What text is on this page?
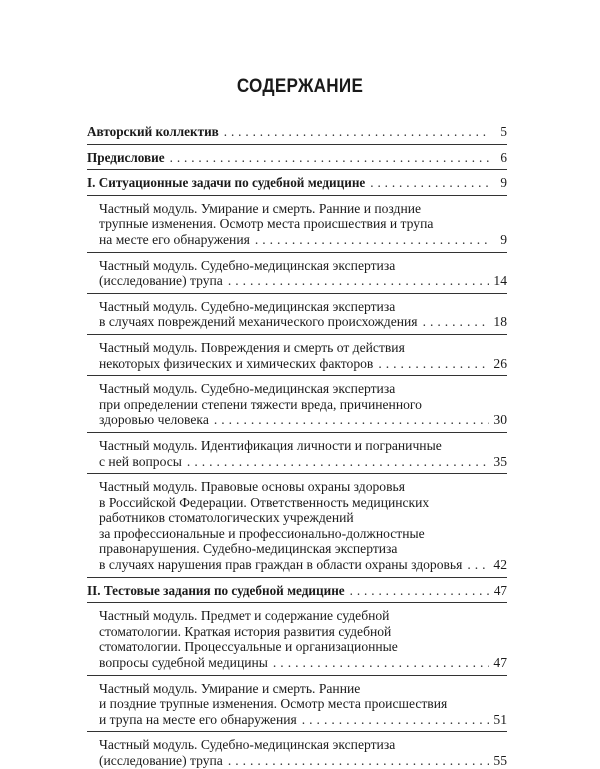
СОДЕРЖАНИЕ
Авторский коллектив . . .	5
Предисловие . . .	6
I. Ситуационные задачи по судебной медицине . . .	9
Частный модуль. Умирание и смерть. Ранние и поздние
трупные изменения. Осмотр места происшествия и трупа
на месте его обнаружения . . .	9
Частный модуль. Судебно-медицинская экспертиза
(исследование) трупа . . .	14
Частный модуль. Судебно-медицинская экспертиза
в случаях повреждений механического происхождения . . .	18
Частный модуль. Повреждения и смерть от действия
некоторых физических и химических факторов . . .	26
Частный модуль. Судебно-медицинская экспертиза
при определении степени тяжести вреда, причиненного
здоровью человека . . .	30
Частный модуль. Идентификация личности и пограничные
с ней вопросы . . .	35
Частный модуль. Правовые основы охраны здоровья
в Российской Федерации. Ответственность медицинских
работников стоматологических учреждений
за профессиональные и профессионально-должностные
правонарушения. Судебно-медицинская экспертиза
в случаях нарушения прав граждан в области охраны здоровья . . . 42
II. Тестовые задания по судебной медицине . . .	47
Частный модуль. Предмет и содержание судебной
стоматологии. Краткая история развития судебной
стоматологии. Процессуальные и организационные
вопросы судебной медицины . . .	47
Частный модуль. Умирание и смерть. Ранние
и поздние трупные изменения. Осмотр места происшествия
и трупа на месте его обнаружения . . .	51
Частный модуль. Судебно-медицинская экспертиза
(исследование) трупа . . .	55
